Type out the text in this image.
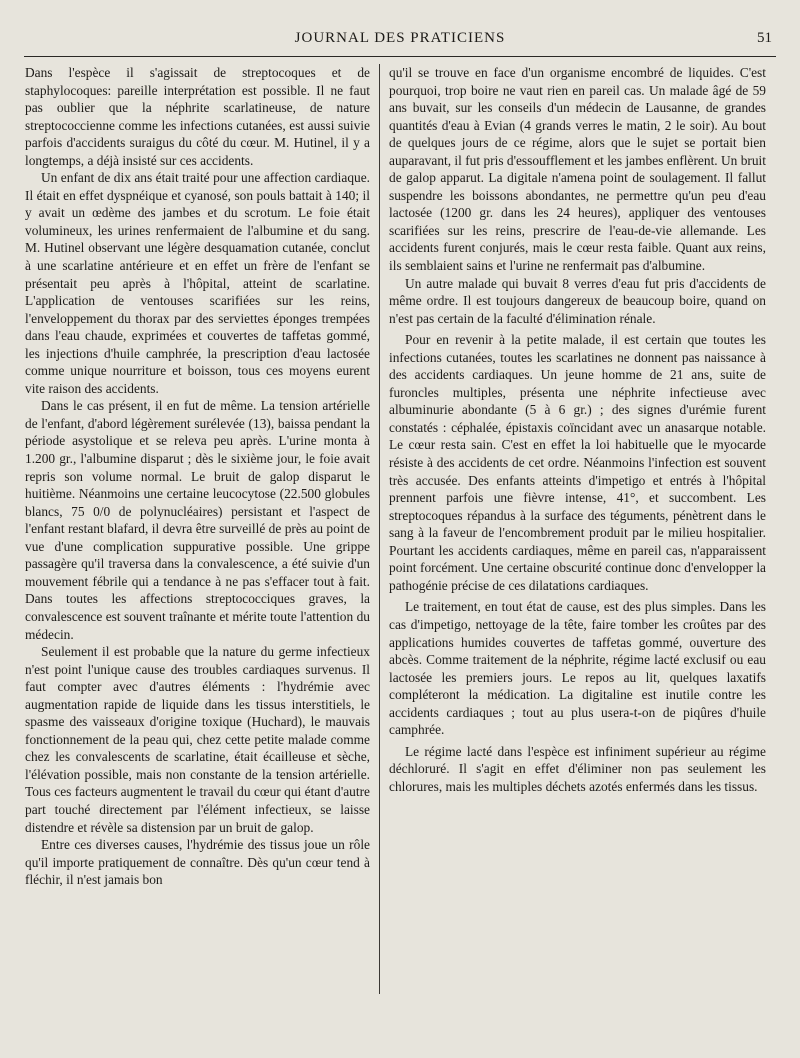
JOURNAL DES PRATICIENS	51

Dans l'espèce il s'agissait de streptocoques et de staphylocoques: pareille interprétation est possible. Il ne faut pas oublier que la néphrite scarlatineuse, de nature streptococcienne comme les infections cutanées, est aussi suivie parfois d'accidents suraigus du côté du cœur. M. Hutinel, il y a longtemps, a déjà insisté sur ces accidents.

Un enfant de dix ans était traité pour une affection cardiaque. Il était en effet dyspnéique et cyanosé, son pouls battait à 140; il y avait un œdème des jambes et du scrotum. Le foie était volumineux, les urines renfermaient de l'albumine et du sang. M. Hutinel observant une légère desquamation cutanée, conclut à une scarlatine antérieure et en effet un frère de l'enfant se présentait peu après à l'hôpital, atteint de scarlatine. L'application de ventouses scarifiées sur les reins, l'enveloppement du thorax par des serviettes éponges trempées dans l'eau chaude, exprimées et couvertes de taffetas gommé, les injections d'huile camphrée, la prescription d'eau lactosée comme unique nourriture et boisson, tous ces moyens eurent vite raison des accidents.

Dans le cas présent, il en fut de même. La tension artérielle de l'enfant, d'abord légèrement surélevée (13), baissa pendant la période asystolique et se releva peu après. L'urine monta à 1.200 gr., l'albumine disparut ; dès le sixième jour, le foie avait repris son volume normal. Le bruit de galop disparut le huitième. Néanmoins une certaine leucocytose (22.500 globules blancs, 75 0/0 de polynucléaires) persistant et l'aspect de l'enfant restant blafard, il devra être surveillé de près au point de vue d'une complication suppurative possible. Une grippe passagère qu'il traversa dans la convalescence, a été suivie d'un mouvement fébrile qui a tendance à ne pas s'effacer tout à fait. Dans toutes les affections streptococciques graves, la convalescence est souvent traînante et mérite toute l'attention du médecin.

Seulement il est probable que la nature du germe infectieux n'est point l'unique cause des troubles cardiaques survenus. Il faut compter avec d'autres éléments : l'hydrémie avec augmentation rapide de liquide dans les tissus interstitiels, le spasme des vaisseaux d'origine toxique (Huchard), le mauvais fonctionnement de la peau qui, chez cette petite malade comme chez les convalescents de scarlatine, était écailleuse et sèche, l'élévation possible, mais non constante de la tension artérielle. Tous ces facteurs augmentent le travail du cœur qui étant d'autre part touché directement par l'élément infectieux, se laisse distendre et révèle sa distension par un bruit de galop.

Entre ces diverses causes, l'hydrémie des tissus joue un rôle qu'il importe pratiquement de connaître. Dès qu'un cœur tend à fléchir, il n'est jamais bon

qu'il se trouve en face d'un organisme encombré de liquides. C'est pourquoi, trop boire ne vaut rien en pareil cas. Un malade âgé de 59 ans buvait, sur les conseils d'un médecin de Lausanne, de grandes quantités d'eau à Evian (4 grands verres le matin, 2 le soir). Au bout de quelques jours de ce régime, alors que le sujet se portait bien auparavant, il fut pris d'essoufflement et les jambes enflèrent. Un bruit de galop apparut. La digitale n'amena point de soulagement. Il fallut suspendre les boissons abondantes, ne permettre qu'un peu d'eau lactosée (1200 gr. dans les 24 heures), appliquer des ventouses scarifiées sur les reins, prescrire de l'eau-de-vie allemande. Les accidents furent conjurés, mais le cœur resta faible. Quant aux reins, ils semblaient sains et l'urine ne renfermait pas d'albumine.

Un autre malade qui buvait 8 verres d'eau fut pris d'accidents de même ordre. Il est toujours dangereux de beaucoup boire, quand on n'est pas certain de la faculté d'élimination rénale.

Pour en revenir à la petite malade, il est certain que toutes les infections cutanées, toutes les scarlatines ne donnent pas naissance à des accidents cardiaques. Un jeune homme de 21 ans, suite de furoncles multiples, présenta une néphrite infectieuse avec albuminurie abondante (5 à 6 gr.) ; des signes d'urémie furent constatés : céphalée, épistaxis coïncidant avec un anasarque notable. Le cœur resta sain. C'est en effet la loi habituelle que le myocarde résiste à des accidents de cet ordre. Néanmoins l'infection est souvent très accusée. Des enfants atteints d'impetigo et entrés à l'hôpital prennent parfois une fièvre intense, 41°, et succombent. Les streptocoques répandus à la surface des téguments, pénètrent dans le sang à la faveur de l'encombrement produit par le milieu hospitalier. Pourtant les accidents cardiaques, même en pareil cas, n'apparaissent point forcément. Une certaine obscurité continue donc d'envelopper la pathogénie précise de ces dilatations cardiaques.

Le traitement, en tout état de cause, est des plus simples. Dans les cas d'impetigo, nettoyage de la tête, faire tomber les croûtes par des applications humides couvertes de taffetas gommé, ouverture des abcès. Comme traitement de la néphrite, régime lacté exclusif ou eau lactosée les premiers jours. Le repos au lit, quelques laxatifs compléteront la médication. La digitaline est inutile contre les accidents cardiaques ; tout au plus usera-t-on de piqûres d'huile camphrée.

Le régime lacté dans l'espèce est infiniment supérieur au régime déchloruré. Il s'agit en effet d'éliminer non pas seulement les chlorures, mais les multiples déchets azotés enfermés dans les tissus.
